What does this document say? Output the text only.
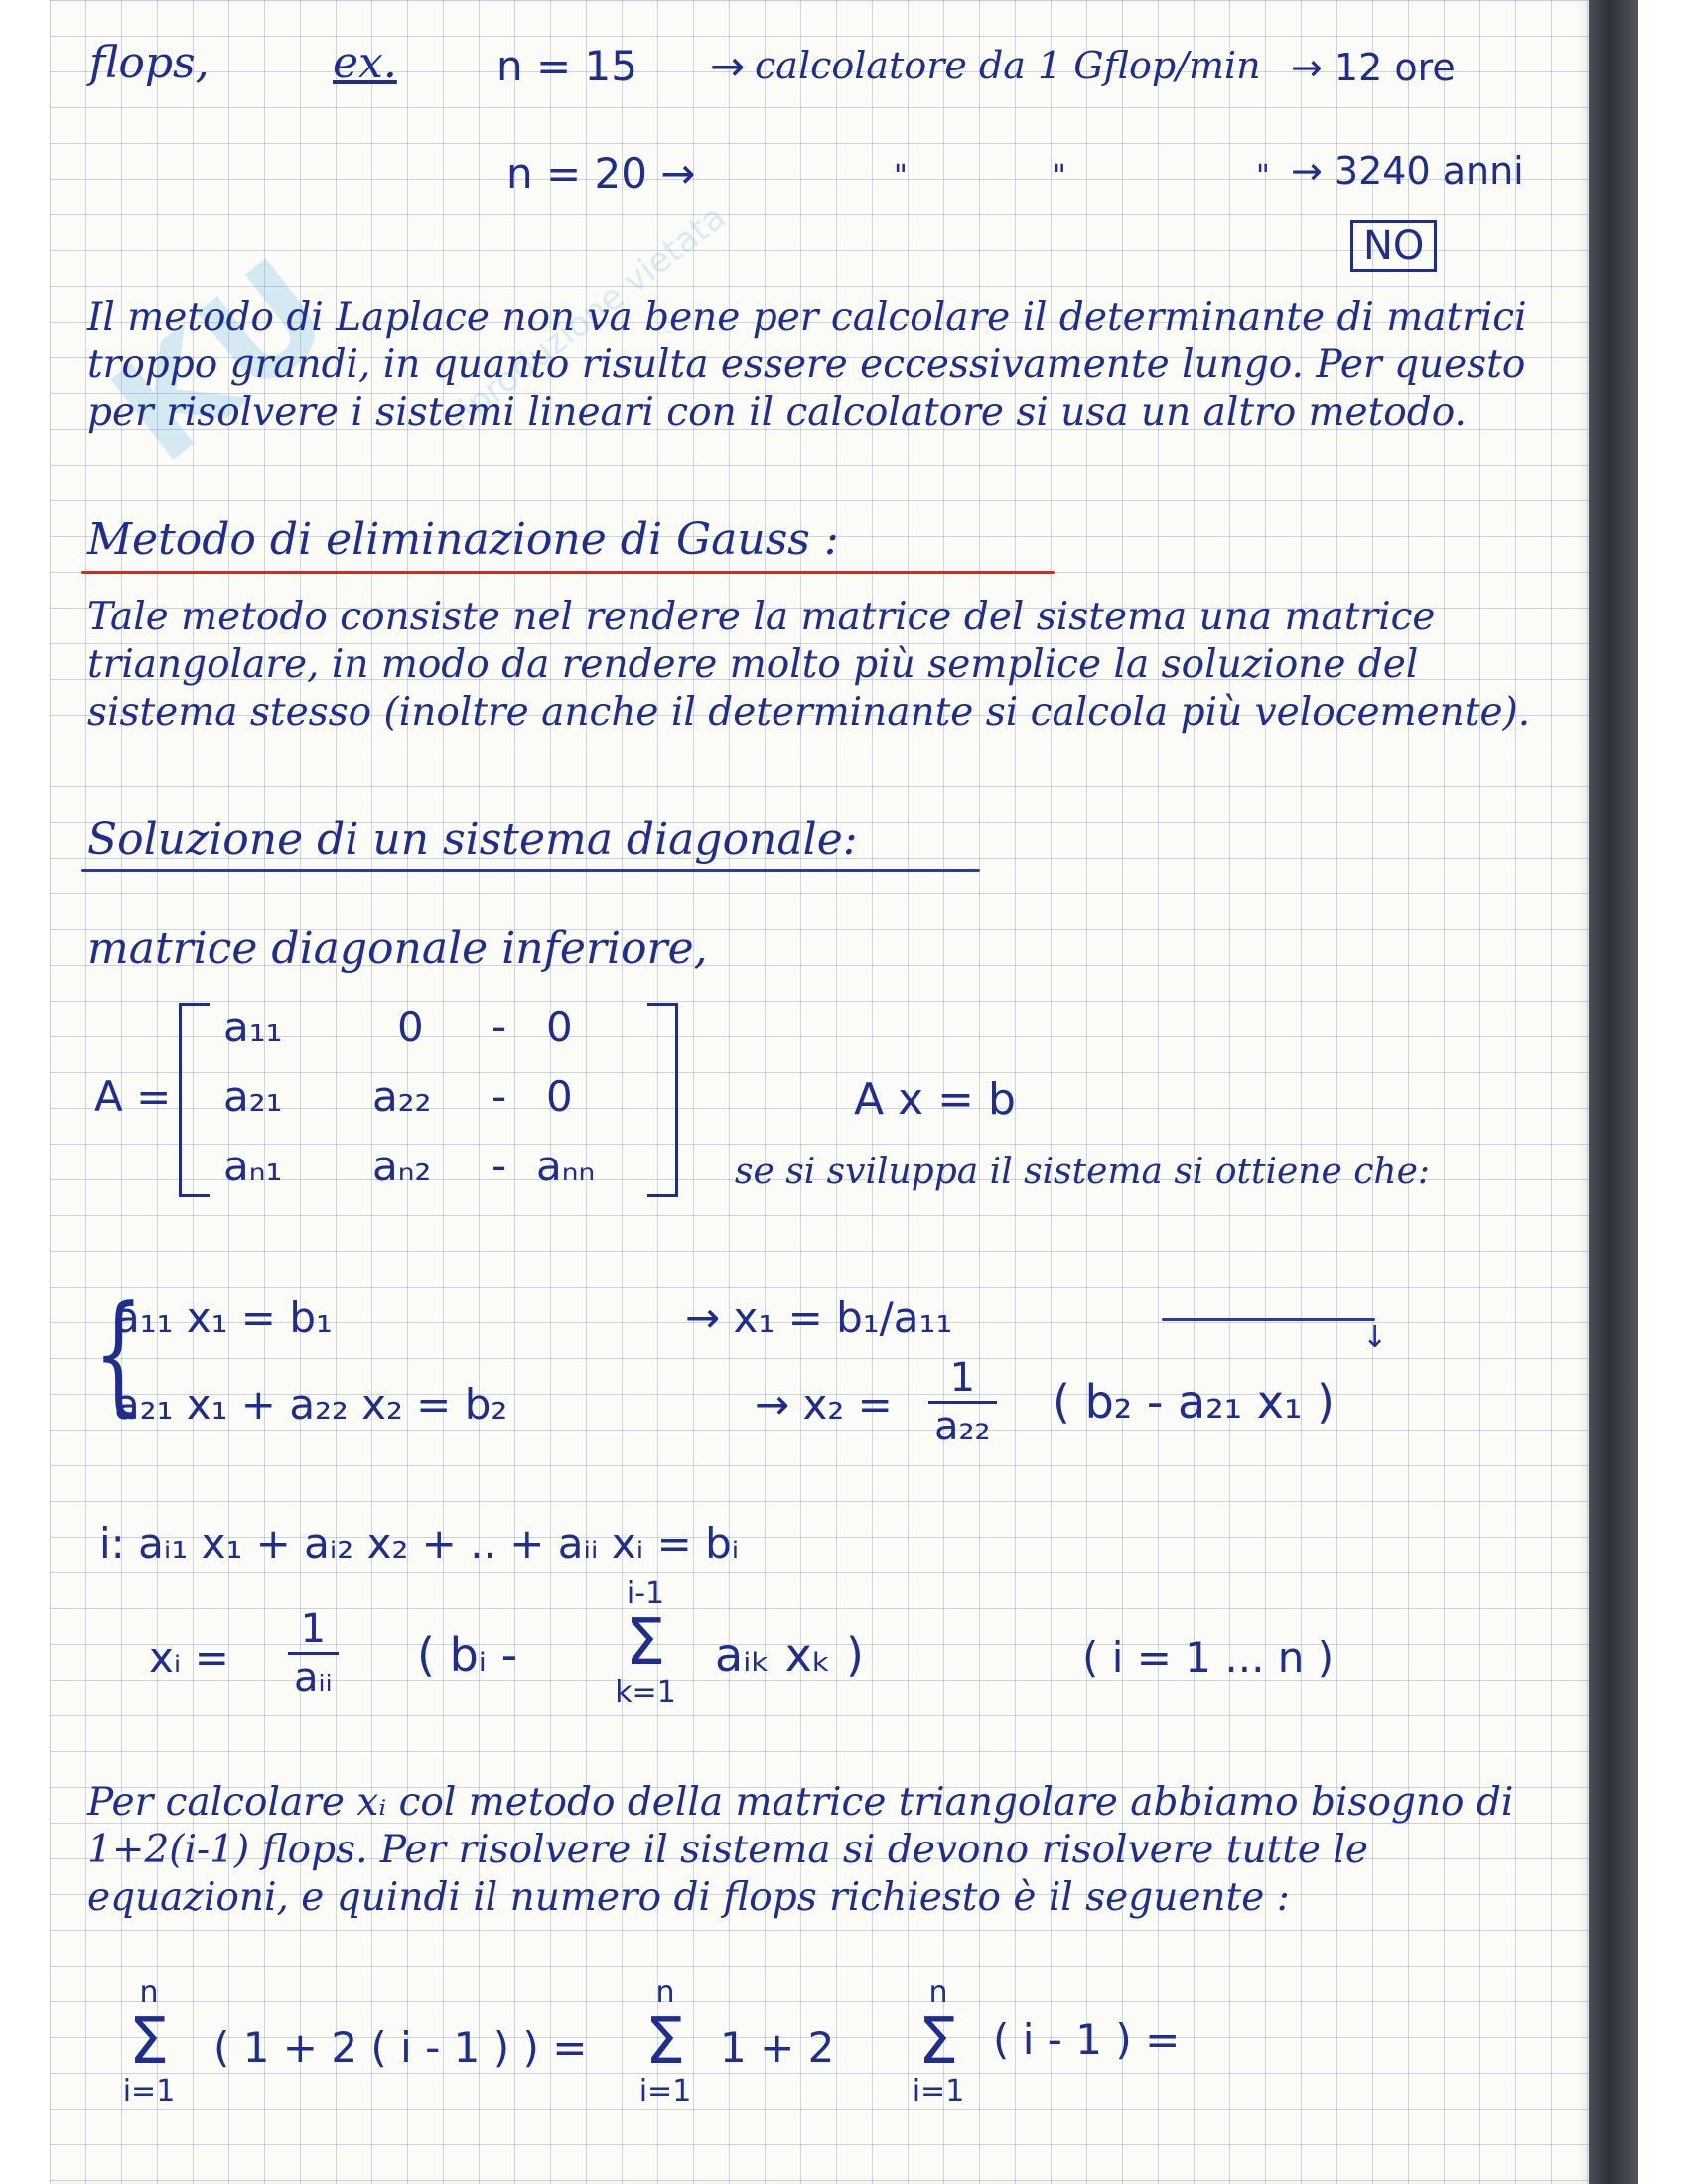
KU	riproduzione vietata
flops,	ex. n = 15 → calcolatore da 1 Gflop/min → 12 ore
n = 20 →	"	"	" → 3240 anni
NO
Il metodo di Laplace non va bene per calcolare il determinante di matrici troppo grandi, in quanto risulta essere eccessivamente lungo. Per questo per risolvere i sistemi lineari con il calcolatore si usa un altro metodo.
Metodo di eliminazione di Gauss :
Tale metodo consiste nel rendere la matrice del sistema una matrice triangolare, in modo da rendere molto più semplice la soluzione del sistema stesso (inoltre anche il determinante si calcola più velocemente).
Soluzione di un sistema diagonale:
matrice diagonale inferiore,
A =
a₁₁	0 - 0
a₂₁ a₂₂ - 0
aₙ₁ aₙ₂ - aₙₙ
A x = b
se si sviluppa il sistema si ottiene che:
{
a₁₁ x₁ = b₁	→ x₁ = b₁/a₁₁	↓
a₂₁ x₁ + a₂₂ x₂ = b₂	→ $x_2 = \frac{1}{\text{a₂₂}}$ ( b₂ - a₂₁ x₁ )
i: aᵢ₁ x₁ + aᵢ₂ x₂ + .. + aᵢᵢ xᵢ = bᵢ
xᵢ = $\frac{1}{\text{aᵢᵢ}}$ ( bᵢ -
i-1
Σ
k=1
aᵢₖ xₖ )	( i = 1 ... n )
Per calcolare xᵢ col metodo della matrice triangolare abbiamo bisogno di 1+2(i-1) flops. Per risolvere il sistema si devono risolvere tutte le equazioni, e quindi il numero di flops richiesto è il seguente :
n
Σ
i=1
( 1 + 2 ( i - 1 ) ) =
n
Σ
i=1
1 + 2
n
Σ
i=1
( i - 1 ) =
